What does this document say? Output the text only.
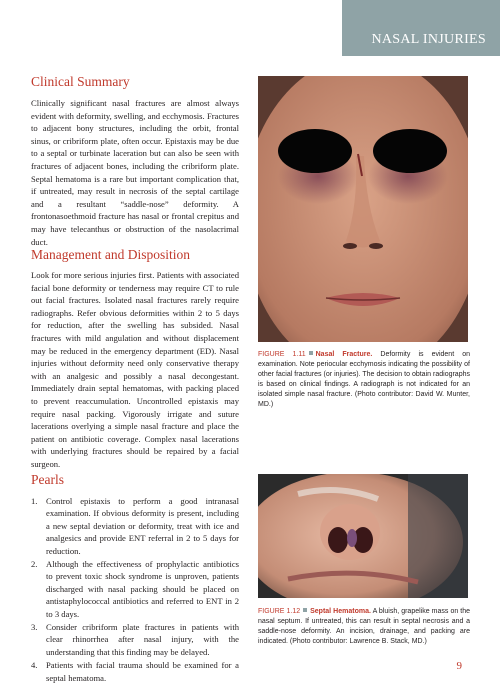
NASAL INJURIES
Clinical Summary

Clinically significant nasal fractures are almost always evident with deformity, swelling, and ecchymosis. Fractures to adjacent bony structures, including the orbit, frontal sinus, or cribriform plate, often occur. Epistaxis may be due to a septal or turbinate laceration but can also be seen with fractures of adjacent bones, including the cribriform plate. Septal hematoma is a rare but important complication that, if untreated, may result in necrosis of the septal cartilage and a resultant “saddle-nose” deformity. A frontonasoethmoid fracture has nasal or frontal crepitus and may have telecanthus or obstruction of the nasolacrimal duct.

Management and Disposition

Look for more serious injuries first. Patients with associated facial bone deformity or tenderness may require CT to rule out facial fractures. Isolated nasal fractures rarely require radiographs. Refer obvious deformities within 2 to 5 days for reduction, after the swelling has subsided. Nasal fractures with mild angulation and without displacement may be reduced in the emergency department (ED). Nasal injuries without deformity need only conservative therapy with an analgesic and possibly a nasal decongestant. Immediately drain septal hematomas, with packing placed to prevent reaccumulation. Uncontrolled epistaxis may require nasal packing. Vigorously irrigate and suture lacerations overlying a simple nasal fracture and place the patient on antibiotic coverage. Complex nasal lacerations with underlying fractures should be repaired by a facial surgeon.

Pearls
1. Control epistaxis to perform a good intranasal examination. If obvious deformity is present, including a new septal deviation or deformity, treat with ice and analgesics and provide ENT referral in 2 to 5 days for reduction.
2. Although the effectiveness of prophylactic antibiotics to prevent toxic shock syndrome is unproven, patients discharged with nasal packing should be placed on antistaphylococcal antibiotics and referred to ENT in 2 to 3 days.
3. Consider cribriform plate fractures in patients with clear rhinorrhea after nasal injury, with the understanding that this finding may be delayed.
4. Patients with facial trauma should be examined for a septal hematoma.
FIGURE 1.11 Nasal Fracture. Deformity is evident on examination. Note periocular ecchymosis indicating the possibility of other facial fractures (or injuries). The decision to obtain radiographs is based on clinical findings. A radiograph is not indicated for an isolated simple nasal fracture. (Photo contributor: David W. Munter, MD.)
FIGURE 1.12 Septal Hematoma. A bluish, grapelike mass on the nasal septum. If untreated, this can result in septal necrosis and a saddle-nose deformity. An incision, drainage, and packing are indicated. (Photo contributor: Lawrence B. Stack, MD.)
9
